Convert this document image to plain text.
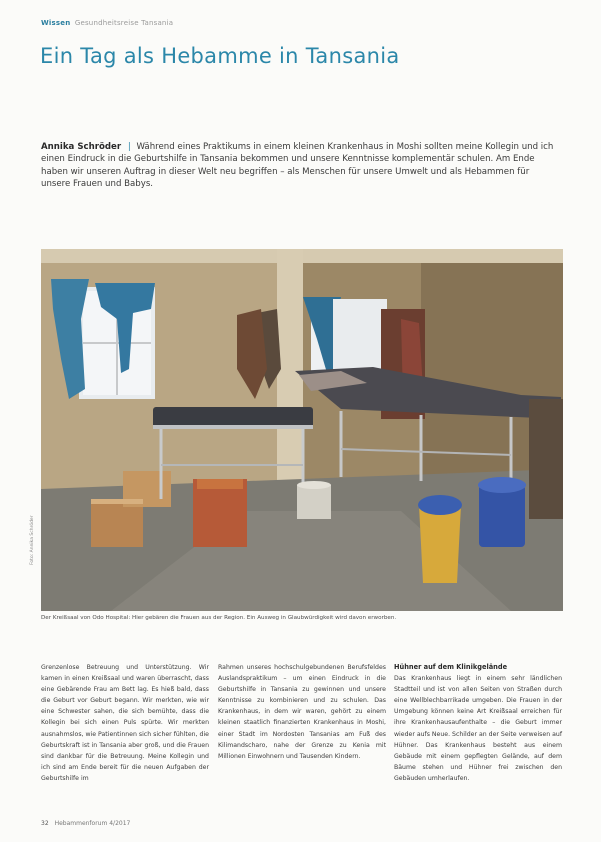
Wissen Gesundheitsreise Tansania
Ein Tag als Hebamme in Tansania
Annika Schröder | Während eines Praktikums in einem kleinen Krankenhaus in Moshi sollten meine Kollegin und ich einen Eindruck in die Geburtshilfe in Tansania bekommen und unsere Kenntnisse komplementär schulen. Am Ende haben wir unseren Auftrag in dieser Welt neu begriffen – als Menschen für unsere Umwelt und als Hebammen für unsere Frauen und Babys.
Foto: Annika Schröder
Der Kreißsaal von Odo Hospital: Hier gebären die Frauen aus der Region. Ein Ausweg in Glaubwürdigkeit wird davon erworben.

Grenzenlose Betreuung und Unterstützung. Wir kamen in einen Kreißsaal und waren überrascht, dass eine Gebärende Frau am Bett lag. Es hieß bald, dass die Geburt vor Geburt begann. Wir merkten, wie wir eine Schwester sahen, die sich bemühte, dass die Kollegin bei sich einen Puls spürte. Wir merkten ausnahmslos, wie Patientinnen sich sicher fühlten, die Geburtskraft ist in Tansania aber groß, und die Frauen sind dankbar für die Betreuung. Meine Kollegin und ich sind am Ende bereit für die neuen Aufgaben der Geburtshilfe im

Rahmen unseres hochschulgebundenen Berufsfeldes Auslandspraktikum – um einen Eindruck in die Geburtshilfe in Tansania zu gewinnen und unsere Kenntnisse zu kombinieren und zu schulen. Das Krankenhaus, in dem wir waren, gehört zu einem kleinen staatlich finanzierten Krankenhaus in Moshi, einer Stadt im Nordosten Tansanias am Fuß des Kilimandscharo, nahe der Grenze zu Kenia mit Millionen Einwohnern und Tausenden Kindern.

Hühner auf dem Klinikgelände

Das Krankenhaus liegt in einem sehr ländlichen Stadtteil und ist von allen Seiten von Straßen durch eine Wellblechbarrikade umgeben. Die Frauen in der Umgebung können keine Art Kreißsaal erreichen für ihre Krankenhausaufenthalte – die Geburt immer wieder aufs Neue. Schilder an der Seite verweisen auf Hühner. Das Krankenhaus besteht aus einem Gebäude mit einem gepflegten Gelände, auf dem Bäume stehen und Hühner frei zwischen den Gebäuden umherlaufen.

32 Hebammenforum 4/2017
